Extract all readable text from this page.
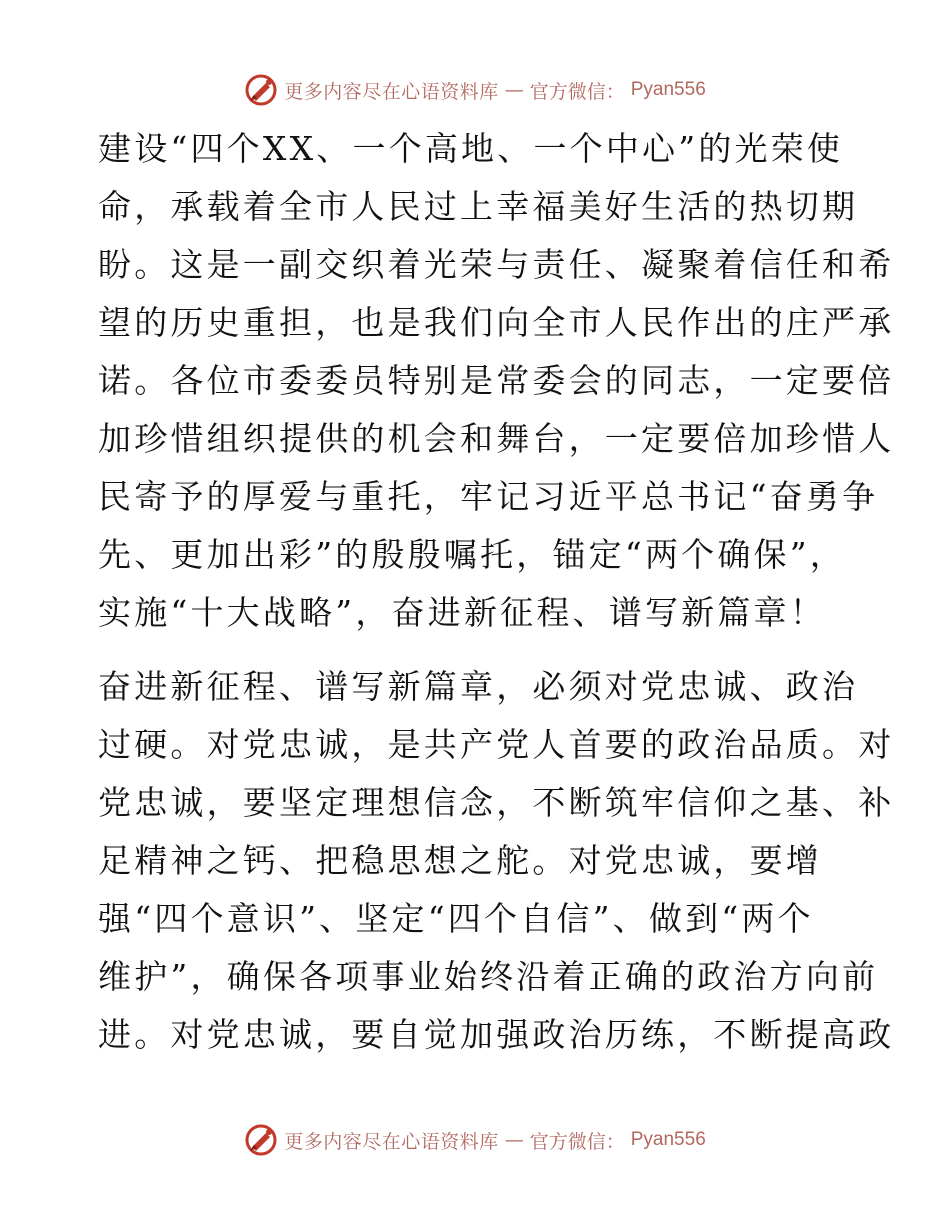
更多内容尽在心语资料库 — 官方微信： Pyan556
建设“四个XX、一个高地、一个中心”的光荣使
命，承载着全市人民过上幸福美好生活的热切期
盼。这是一副交织着光荣与责任、凝聚着信任和希
望的历史重担，也是我们向全市人民作出的庄严承
诺。各位市委委员特别是常委会的同志，一定要倍
加珍惜组织提供的机会和舞台，一定要倍加珍惜人
民寄予的厚爱与重托，牢记习近平总书记“奋勇争
先、更加出彩”的殷殷嘱托，锚定“两个确保”，
实施“十大战略”，奋进新征程、谱写新篇章！
奋进新征程、谱写新篇章，必须对党忠诚、政治
过硬。对党忠诚，是共产党人首要的政治品质。对
党忠诚，要坚定理想信念，不断筑牢信仰之基、补
足精神之钙、把稳思想之舵。对党忠诚，要增
强“四个意识”、坚定“四个自信”、做到“两个
维护”，确保各项事业始终沿着正确的政治方向前
进。对党忠诚，要自觉加强政治历练，不断提高政
更多内容尽在心语资料库 — 官方微信： Pyan556
